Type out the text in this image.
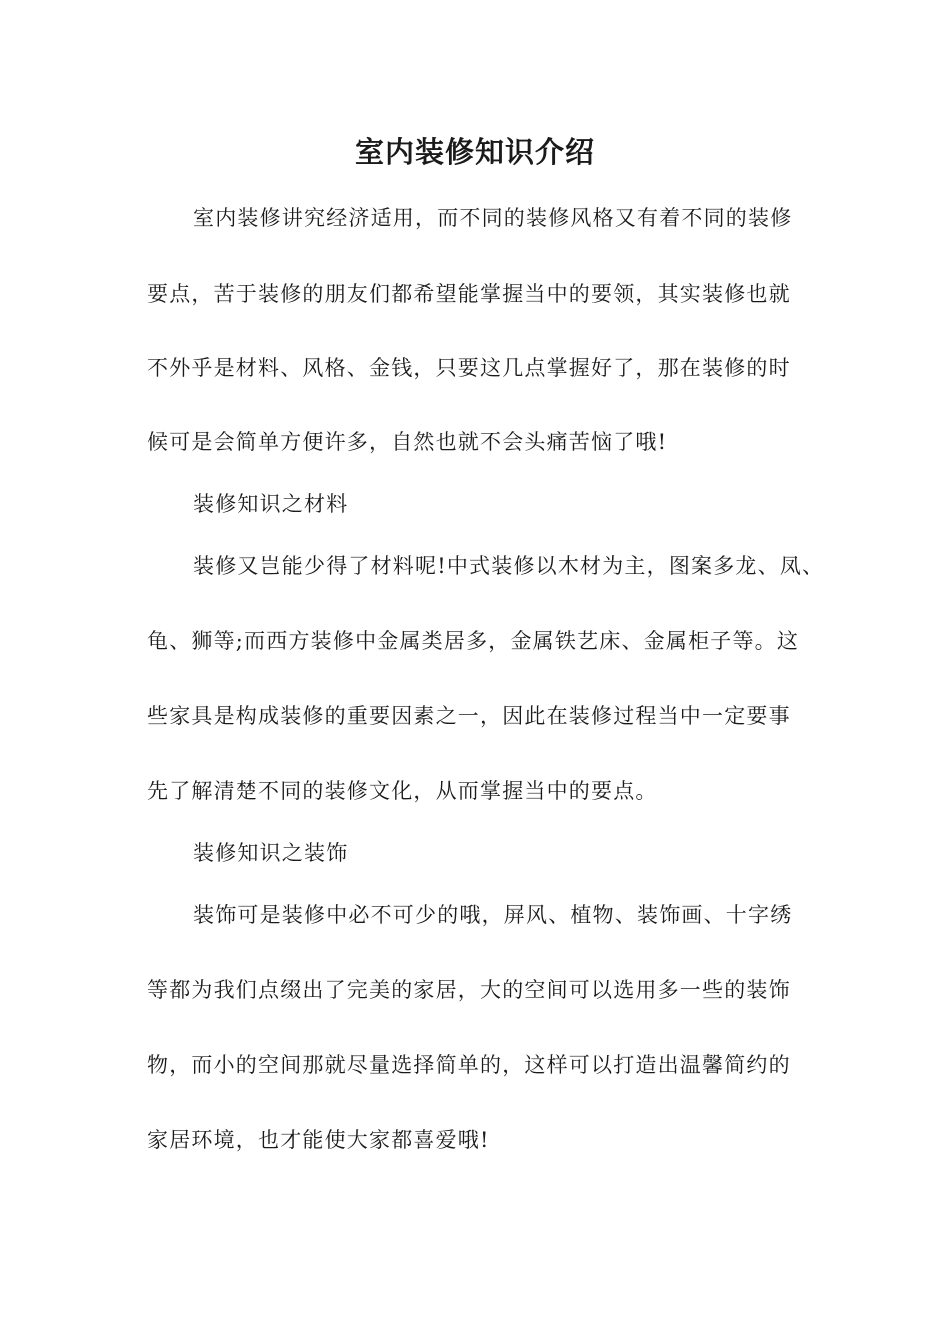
室内装修知识介绍
室内装修讲究经济适用，而不同的装修风格又有着不同的装修
要点，苦于装修的朋友们都希望能掌握当中的要领，其实装修也就
不外乎是材料、风格、金钱，只要这几点掌握好了，那在装修的时
候可是会简单方便许多，自然也就不会头痛苦恼了哦!
装修知识之材料
装修又岂能少得了材料呢!中式装修以木材为主，图案多龙、凤、
龟、狮等;而西方装修中金属类居多，金属铁艺床、金属柜子等。这
些家具是构成装修的重要因素之一，因此在装修过程当中一定要事
先了解清楚不同的装修文化，从而掌握当中的要点。
装修知识之装饰
装饰可是装修中必不可少的哦，屏风、植物、装饰画、十字绣
等都为我们点缀出了完美的家居，大的空间可以选用多一些的装饰
物，而小的空间那就尽量选择简单的，这样可以打造出温馨简约的
家居环境，也才能使大家都喜爱哦!
